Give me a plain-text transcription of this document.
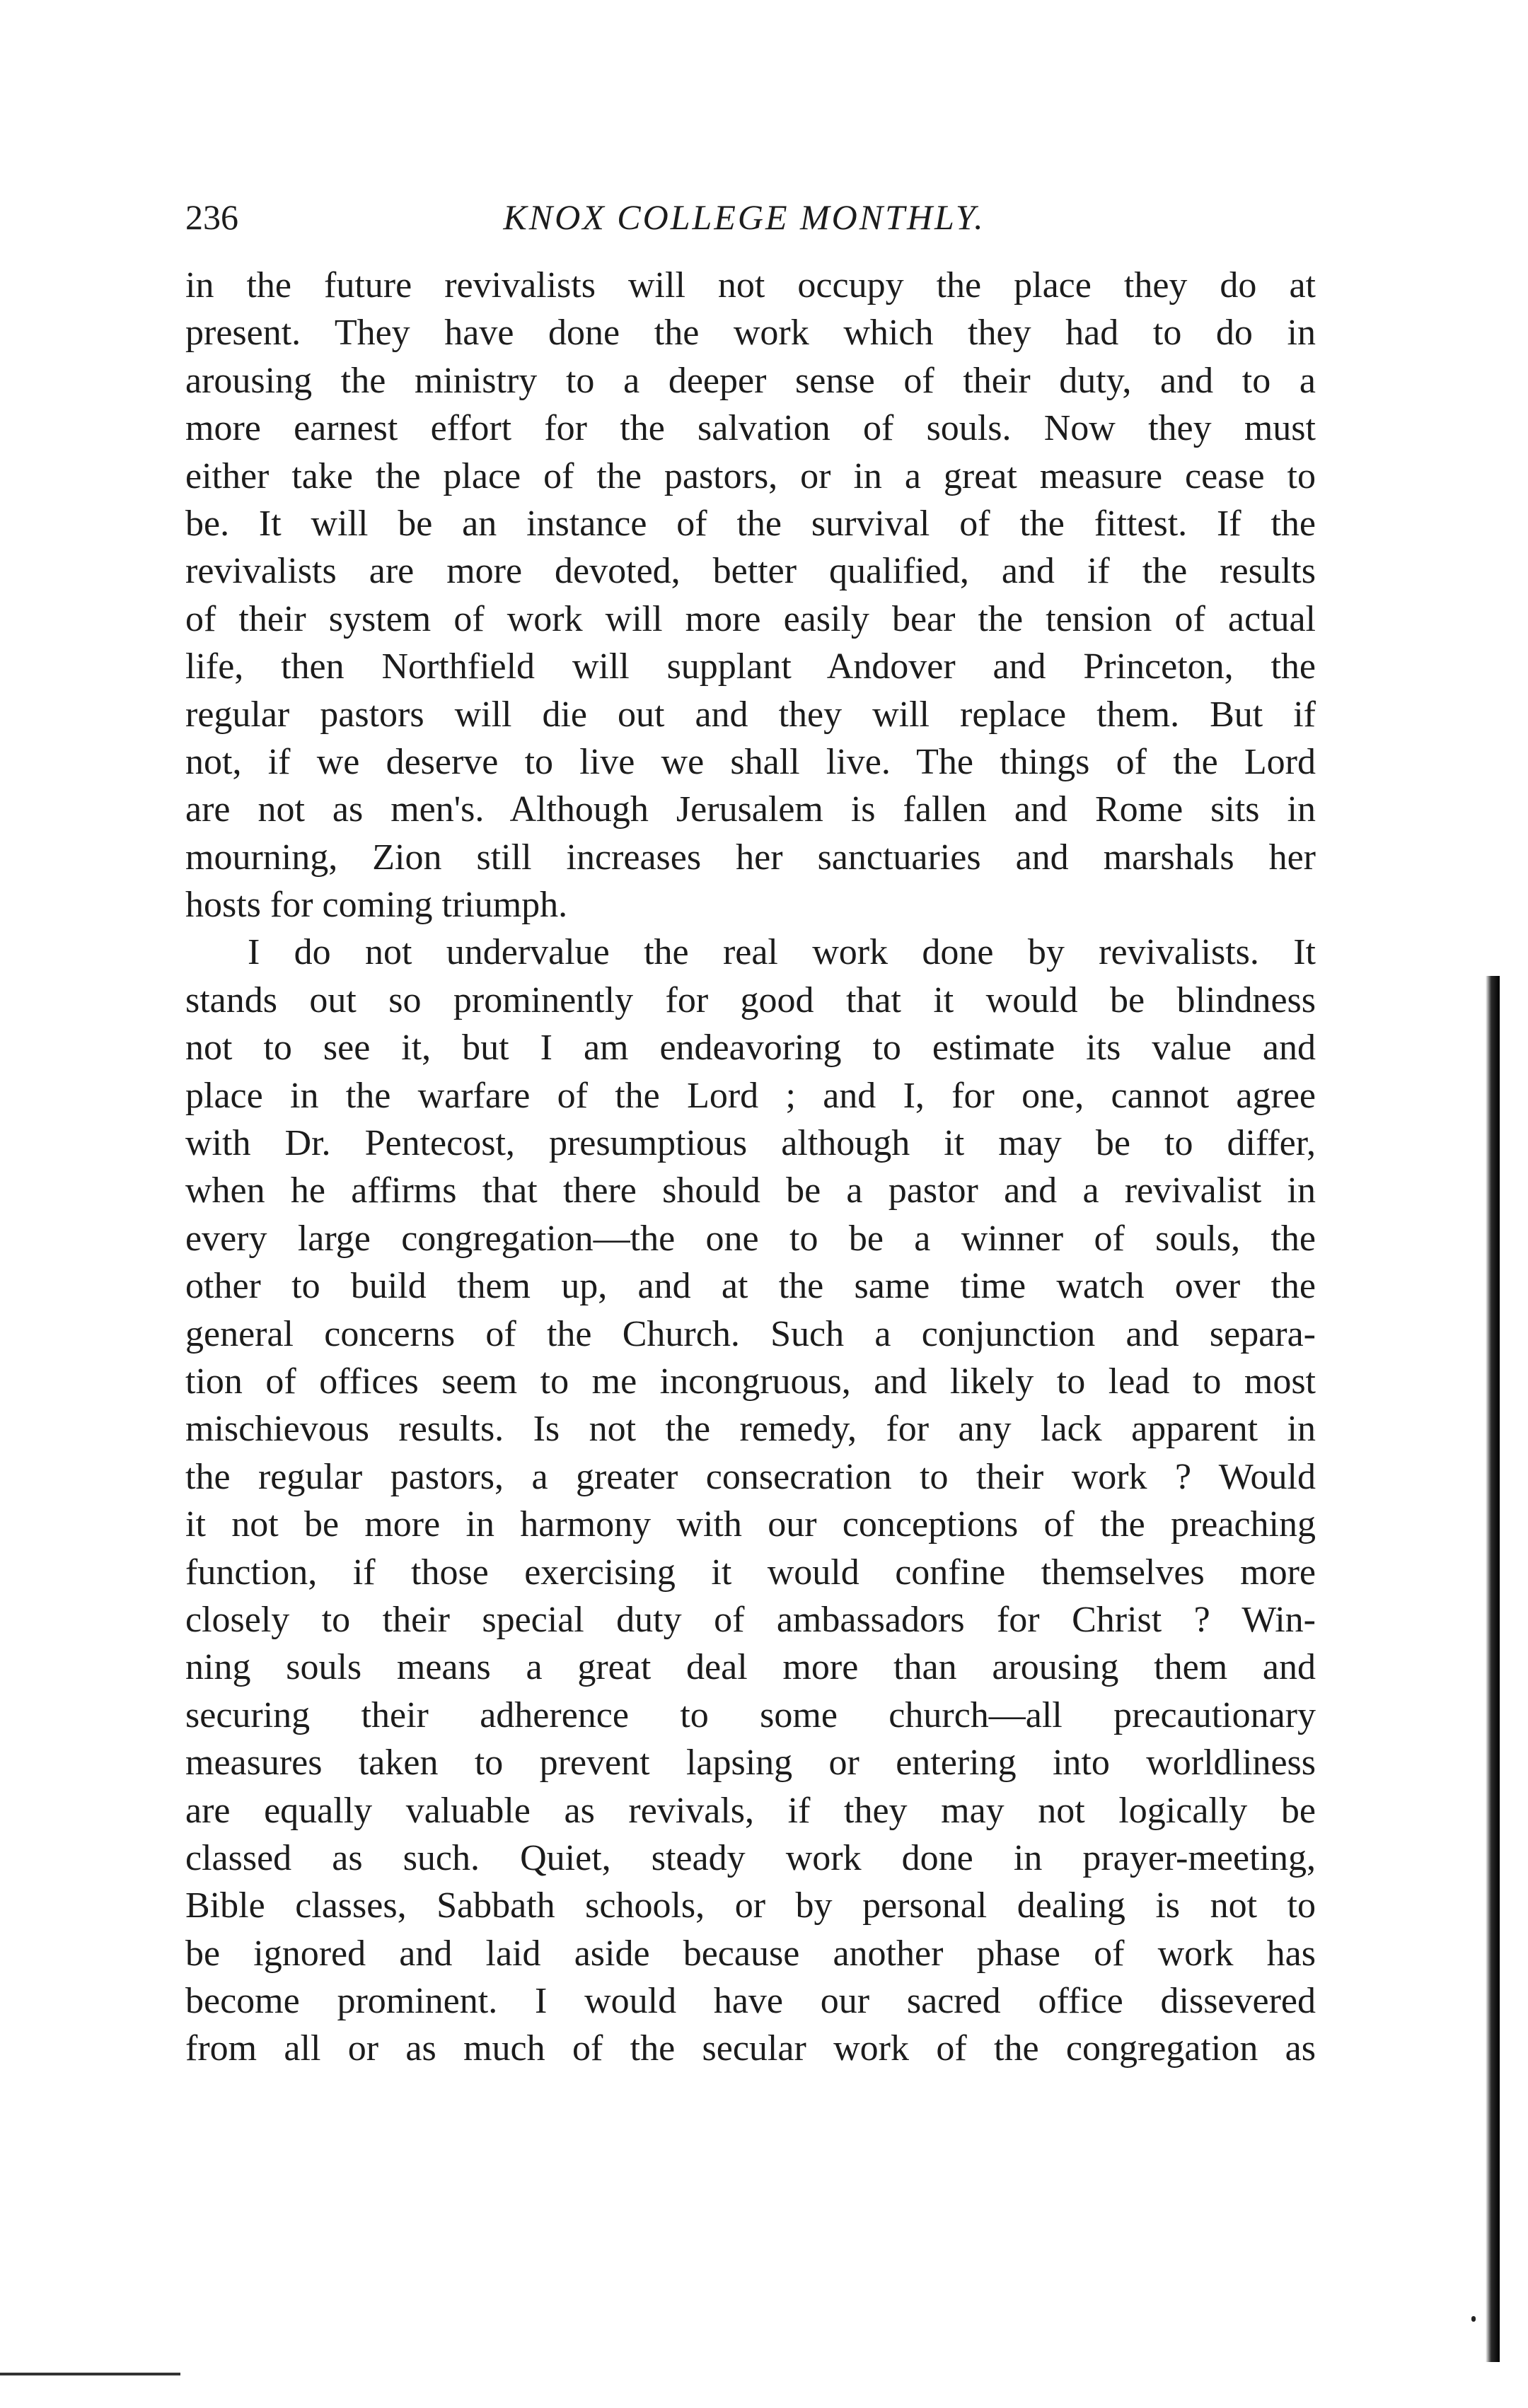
236	KNOX COLLEGE MONTHLY.
in the future revivalists will not occupy the place they do at
present. They have done the work which they had to do in
arousing the ministry to a deeper sense of their duty, and to a
more earnest effort for the salvation of souls. Now they must
either take the place of the pastors, or in a great measure cease to
be. It will be an instance of the survival of the fittest. If the
revivalists are more devoted, better qualified, and if the results
of their system of work will more easily bear the tension of actual
life, then Northfield will supplant Andover and Princeton, the
regular pastors will die out and they will replace them. But if
not, if we deserve to live we shall live. The things of the Lord
are not as men's. Although Jerusalem is fallen and Rome sits in
mourning, Zion still increases her sanctuaries and marshals her
hosts for coming triumph.
I do not undervalue the real work done by revivalists. It
stands out so prominently for good that it would be blindness
not to see it, but I am endeavoring to estimate its value and
place in the warfare of the Lord ; and I, for one, cannot agree
with Dr. Pentecost, presumptious although it may be to differ,
when he affirms that there should be a pastor and a revivalist in
every large congregation—the one to be a winner of souls, the
other to build them up, and at the same time watch over the
general concerns of the Church. Such a conjunction and separa-
tion of offices seem to me incongruous, and likely to lead to most
mischievous results. Is not the remedy, for any lack apparent in
the regular pastors, a greater consecration to their work ? Would
it not be more in harmony with our conceptions of the preaching
function, if those exercising it would confine themselves more
closely to their special duty of ambassadors for Christ ? Win-
ning souls means a great deal more than arousing them and
securing their adherence to some church—all precautionary
measures taken to prevent lapsing or entering into worldliness
are equally valuable as revivals, if they may not logically be
classed as such. Quiet, steady work done in prayer-meeting,
Bible classes, Sabbath schools, or by personal dealing is not to
be ignored and laid aside because another phase of work has
become prominent. I would have our sacred office dissevered
from all or as much of the secular work of the congregation as
